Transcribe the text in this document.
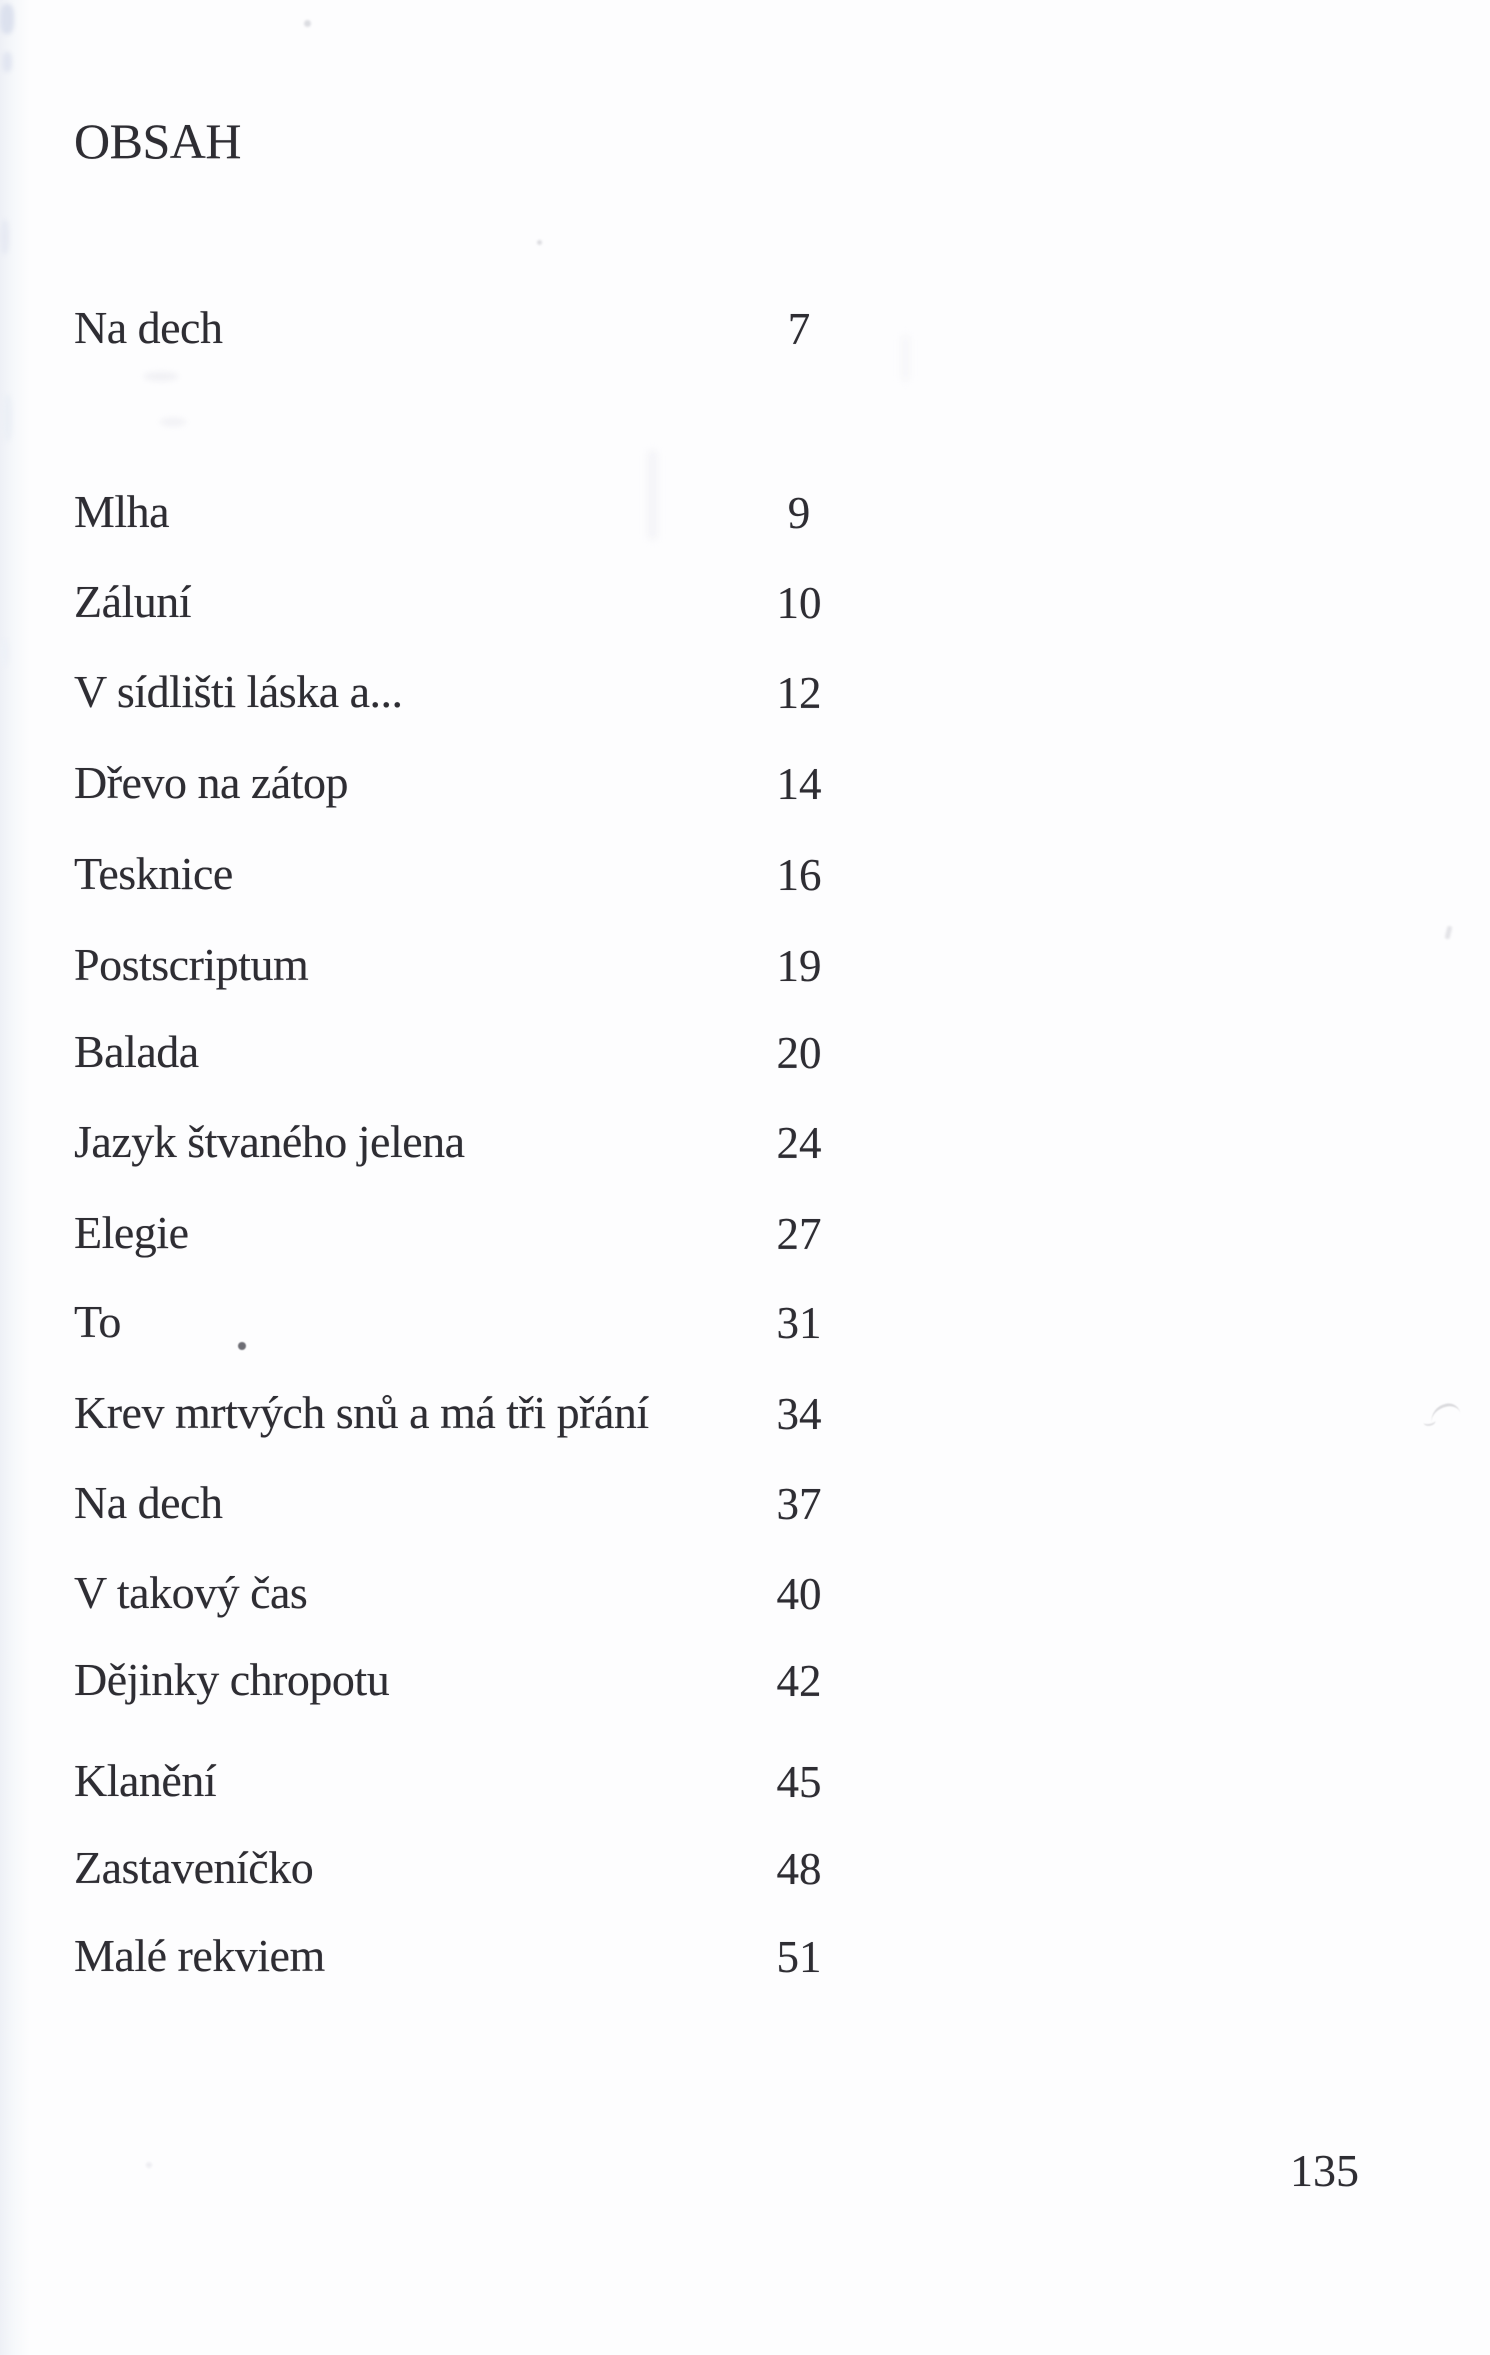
OBSAH
Na dech	7
Mlha	9
Záluní	10
V sídlišti láska a...	12
Dřevo na zátop	14
Tesknice	16
Postscriptum	19
Balada	20
Jazyk štvaného jelena	24
Elegie	27
To	31
Krev mrtvých snů a má tři přání	34
Na dech	37
V takový čas	40
Dějinky chropotu	42
Klanění	45
Zastaveníčko	48
Malé rekviem	51
135
